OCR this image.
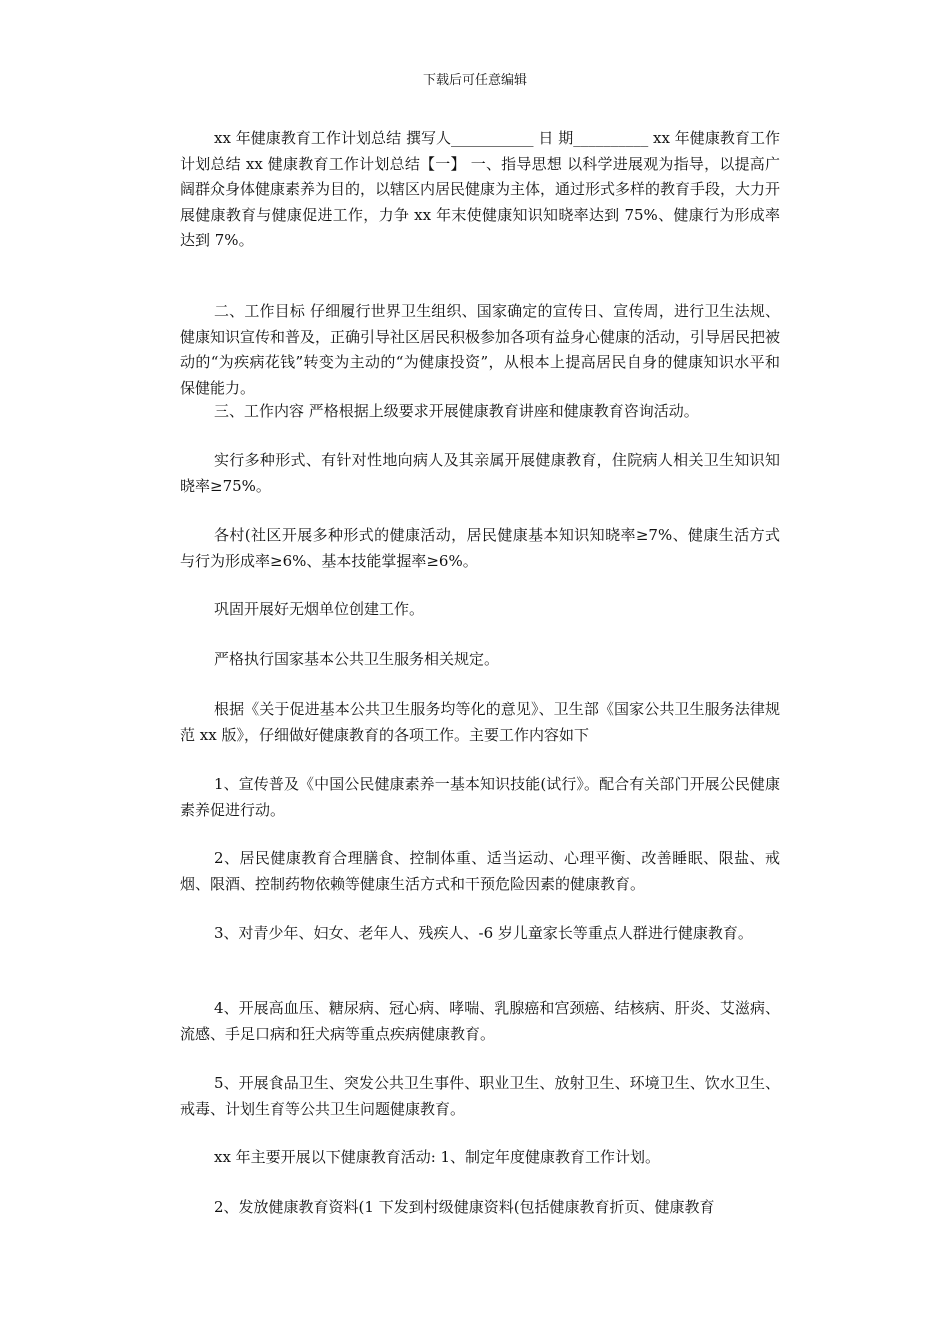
下载后可任意编辑

xx 年健康教育工作计划总结 撰写人___________ 日 期__________ xx 年健康教育工作计划总结 xx 健康教育工作计划总结【一】 一、指导思想 以科学进展观为指导，以提高广阔群众身体健康素养为目的，以辖区内居民健康为主体，通过形式多样的教育手段，大力开展健康教育与健康促进工作，力争 xx 年末使健康知识知晓率达到 75%、健康行为形成率达到 7%。

二、工作目标 仔细履行世界卫生组织、国家确定的宣传日、宣传周，进行卫生法规、健康知识宣传和普及，正确引导社区居民积极参加各项有益身心健康的活动，引导居民把被动的“为疾病花钱”转变为主动的“为健康投资”，从根本上提高居民自身的健康知识水平和保健能力。

三、工作内容 严格根据上级要求开展健康教育讲座和健康教育咨询活动。

实行多种形式、有针对性地向病人及其亲属开展健康教育，住院病人相关卫生知识知晓率≥75%。

各村(社区开展多种形式的健康活动，居民健康基本知识知晓率≥7%、健康生活方式与行为形成率≥6%、基本技能掌握率≥6%。

巩固开展好无烟单位创建工作。

严格执行国家基本公共卫生服务相关规定。

根据《关于促进基本公共卫生服务均等化的意见》、卫生部《国家公共卫生服务法律规范 xx 版》，仔细做好健康教育的各项工作。主要工作内容如下

1、宣传普及《中国公民健康素养一基本知识技能(试行》。配合有关部门开展公民健康素养促进行动。

2、居民健康教育合理膳食、控制体重、适当运动、心理平衡、改善睡眠、限盐、戒烟、限酒、控制药物依赖等健康生活方式和干预危险因素的健康教育。

3、对青少年、妇女、老年人、残疾人、-6 岁儿童家长等重点人群进行健康教育。

4、开展高血压、糖尿病、冠心病、哮喘、乳腺癌和宫颈癌、结核病、肝炎、艾滋病、流感、手足口病和狂犬病等重点疾病健康教育。

5、开展食品卫生、突发公共卫生事件、职业卫生、放射卫生、环境卫生、饮水卫生、戒毒、计划生育等公共卫生问题健康教育。

xx 年主要开展以下健康教育活动: 1、制定年度健康教育工作计划。

2、发放健康教育资料(1 下发到村级健康资料(包括健康教育折页、健康教育
